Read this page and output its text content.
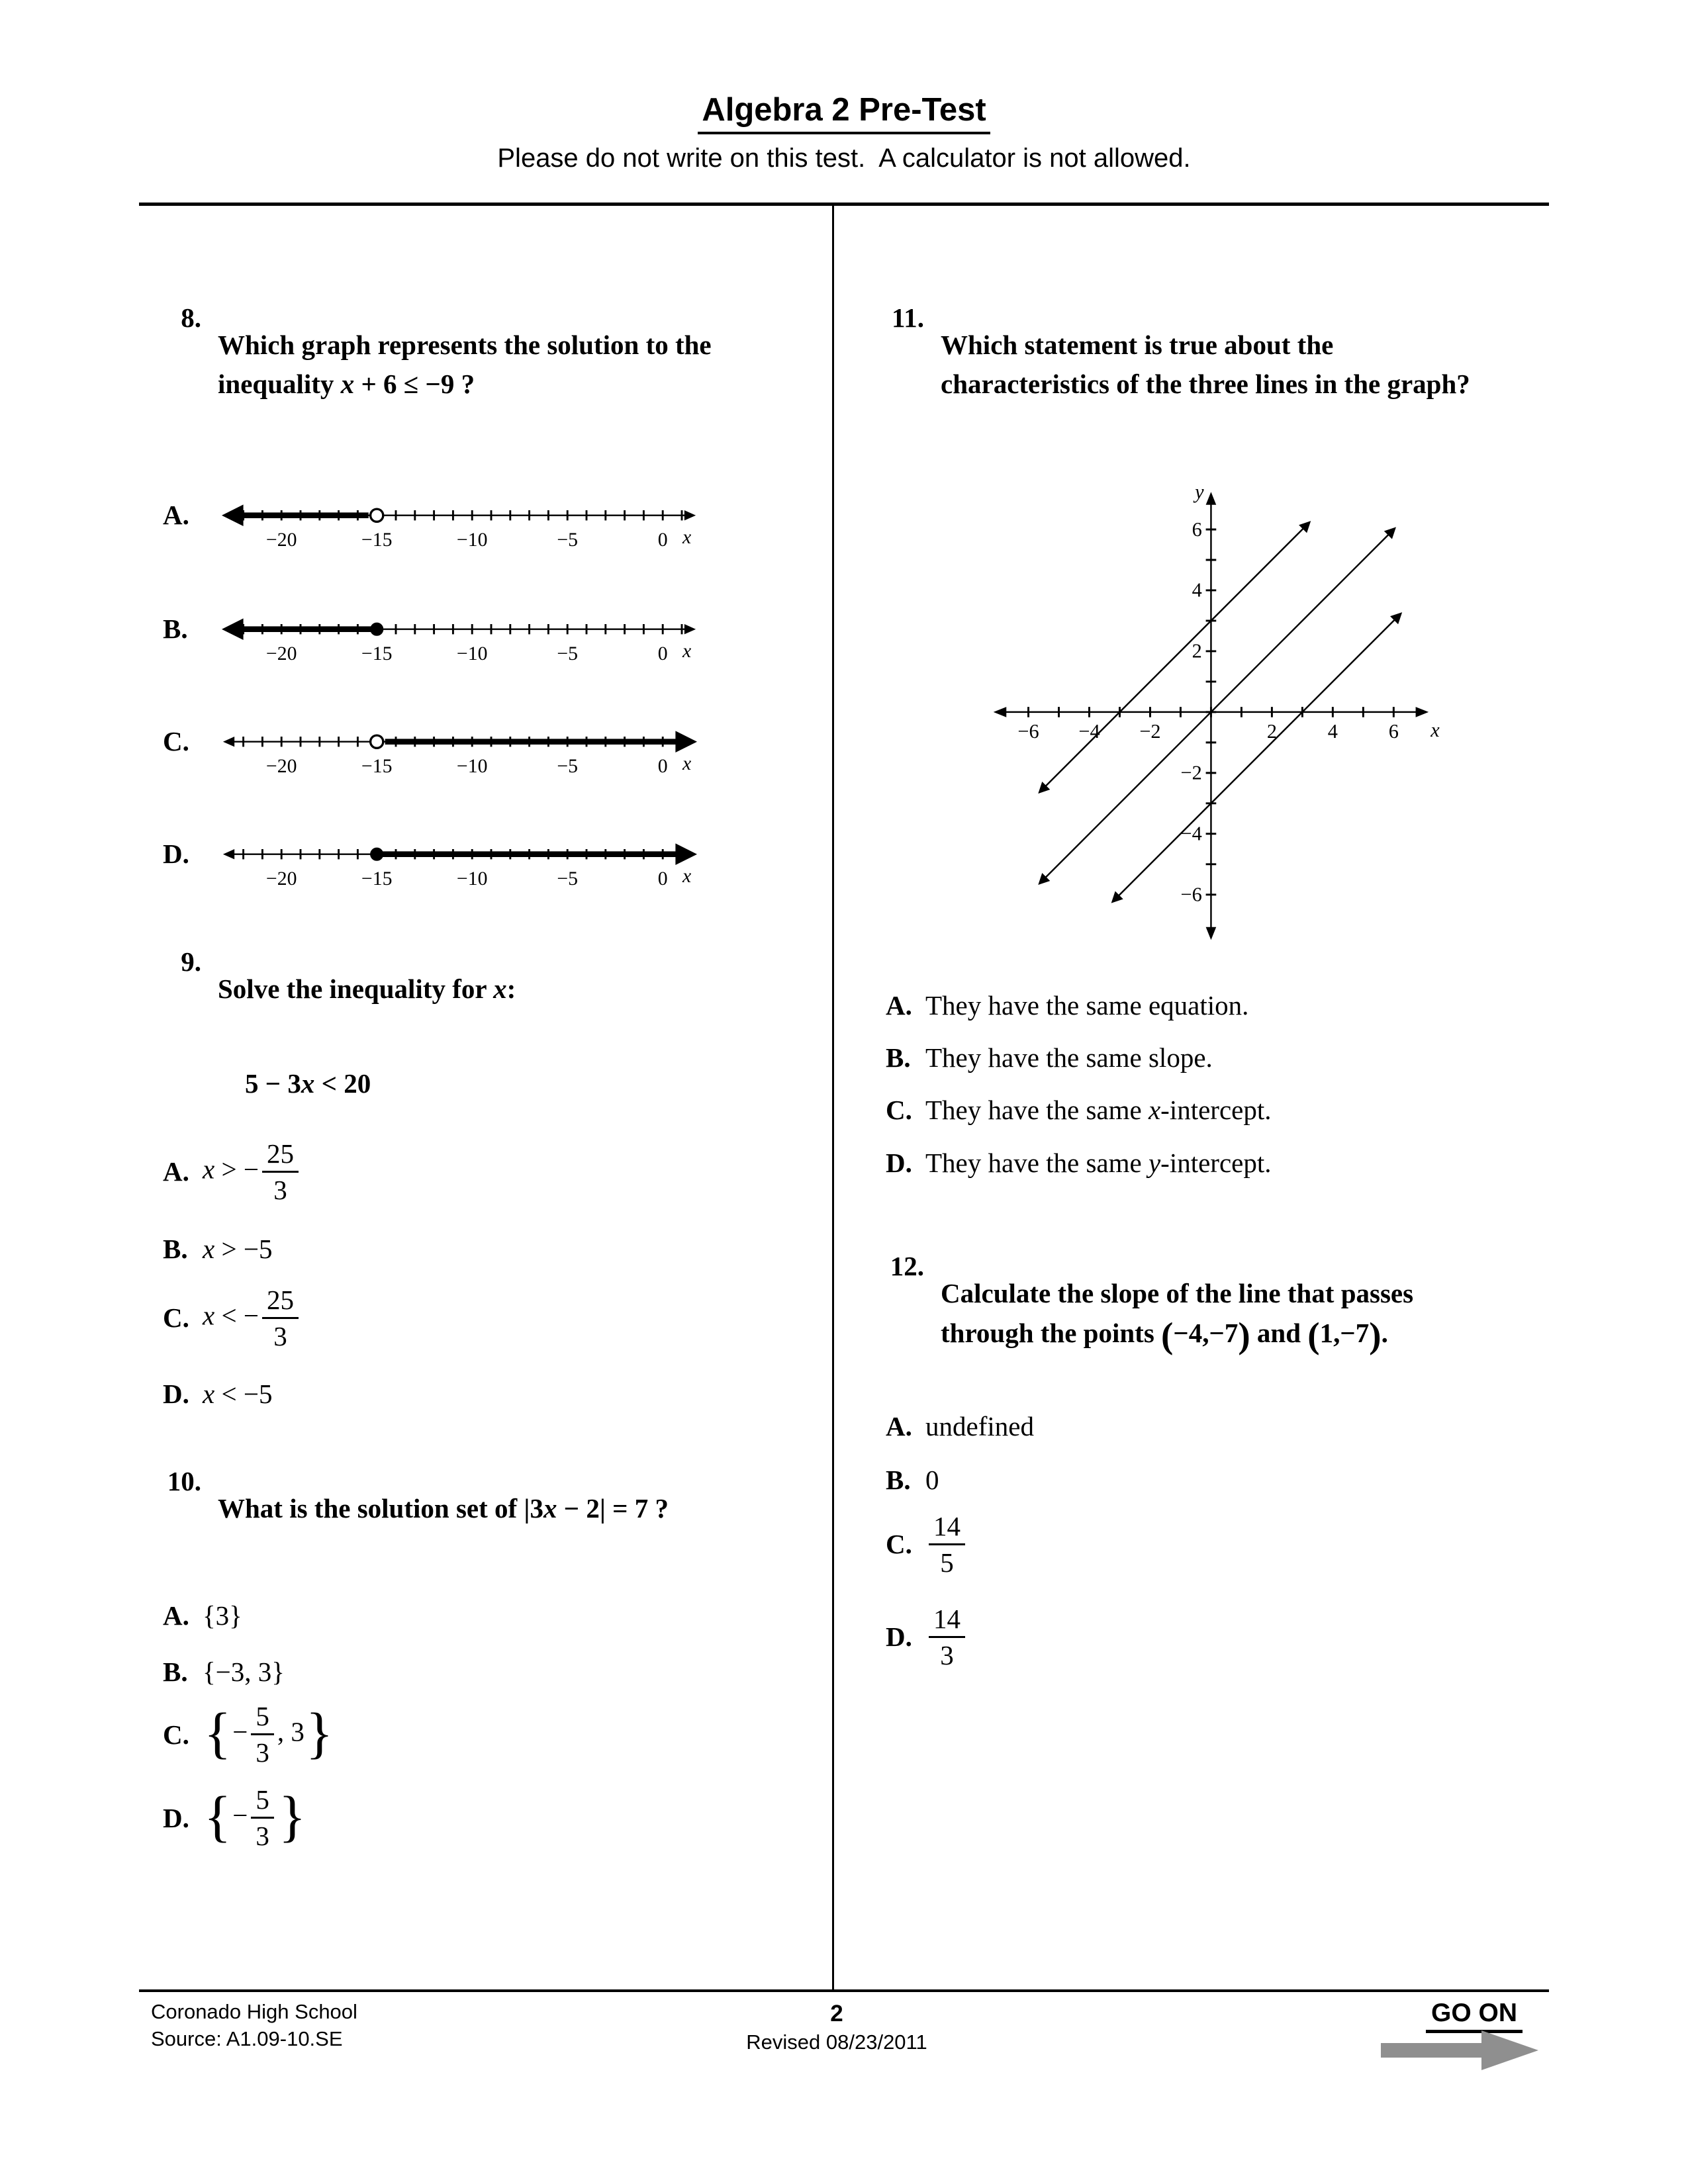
Algebra 2 Pre-Test
Please do not write on this test.  A calculator is not allowed.
8.

Which graph represents the solution to the inequality x + 6 ≤ −9 ?

A.
−20	−15	−10	−5	0 x
B.
−20	−15	−10	−5	0 x
C.
−20	−15	−10	−5	0 x
D.
−20	−15	−10	−5	0 x
9.

Solve the inequality for x:

5 − 3x < 20
A. x > − $\frac{25}{3}$
B. x > −5
C. x < − $\frac{25}{3}$
D. x < −5
10.

What is the solution set of |3x − 2| = 7 ?

A. {3}
B. {−3, 3}
C. {− $\frac{5}{3}$ , 3}
D. {− $\frac{5}{3}$ }
11.

Which statement is true about the characteristics of the three lines in the graph?

−6 −4 −2	2 4 6
6
4
2
−2
−4
−6
x
y
A. They have the same equation.
B. They have the same slope.
C. They have the same x-intercept.
D. They have the same y-intercept.
12.

Calculate the slope of the line that passes through the points (−4,−7) and (1,−7).

A. undefined
B. 0
C. $\frac{14}{5}$
D. $\frac{14}{3}$
Coronado High School
Source: A1.09-10.SE
2
Revised 08/23/2011
GO ON
